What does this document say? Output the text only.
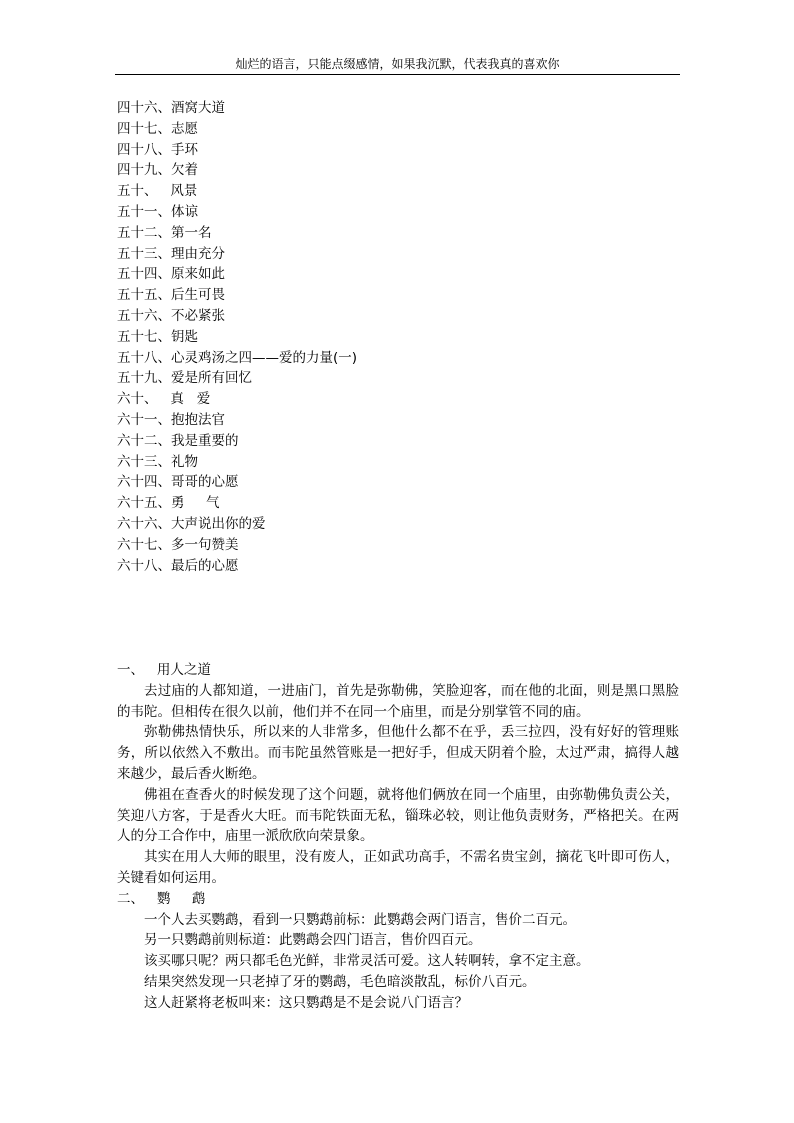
灿烂的语言，只能点缀感情，如果我沉默，代表我真的喜欢你
四十六、酒窝大道
四十七、志愿
四十八、手环
四十九、欠着
五十、   风景
五十一、体谅
五十二、第一名
五十三、理由充分
五十四、原来如此
五十五、后生可畏
五十六、不必紧张
五十七、钥匙
五十八、心灵鸡汤之四——爱的力量(一)
五十九、爱是所有回忆
六十、   真   爱
六十一、抱抱法官
六十二、我是重要的
六十三、礼物
六十四、哥哥的心愿
六十五、勇     气
六十六、大声说出你的爱
六十七、多一句赞美
六十八、最后的心愿
一、   用人之道
去过庙的人都知道，一进庙门，首先是弥勒佛，笑脸迎客，而在他的北面，则是黑口黑脸的韦陀。但相传在很久以前，他们并不在同一个庙里，而是分别掌管不同的庙。
弥勒佛热情快乐，所以来的人非常多，但他什么都不在乎，丢三拉四，没有好好的管理账务，所以依然入不敷出。而韦陀虽然管账是一把好手，但成天阴着个脸，太过严肃，搞得人越来越少，最后香火断绝。
佛祖在查香火的时候发现了这个问题，就将他们俩放在同一个庙里，由弥勒佛负责公关，笑迎八方客，于是香火大旺。而韦陀铁面无私，锱珠必较，则让他负责财务，严格把关。在两人的分工合作中，庙里一派欣欣向荣景象。
其实在用人大师的眼里，没有废人，正如武功高手，不需名贵宝剑，摘花飞叶即可伤人，关键看如何运用。
二、   鹦     鹉
一个人去买鹦鹉，看到一只鹦鹉前标：此鹦鹉会两门语言，售价二百元。
另一只鹦鹉前则标道：此鹦鹉会四门语言，售价四百元。
该买哪只呢？两只都毛色光鲜，非常灵活可爱。这人转啊转，拿不定主意。
结果突然发现一只老掉了牙的鹦鹉，毛色暗淡散乱，标价八百元。
这人赶紧将老板叫来：这只鹦鹉是不是会说八门语言？
